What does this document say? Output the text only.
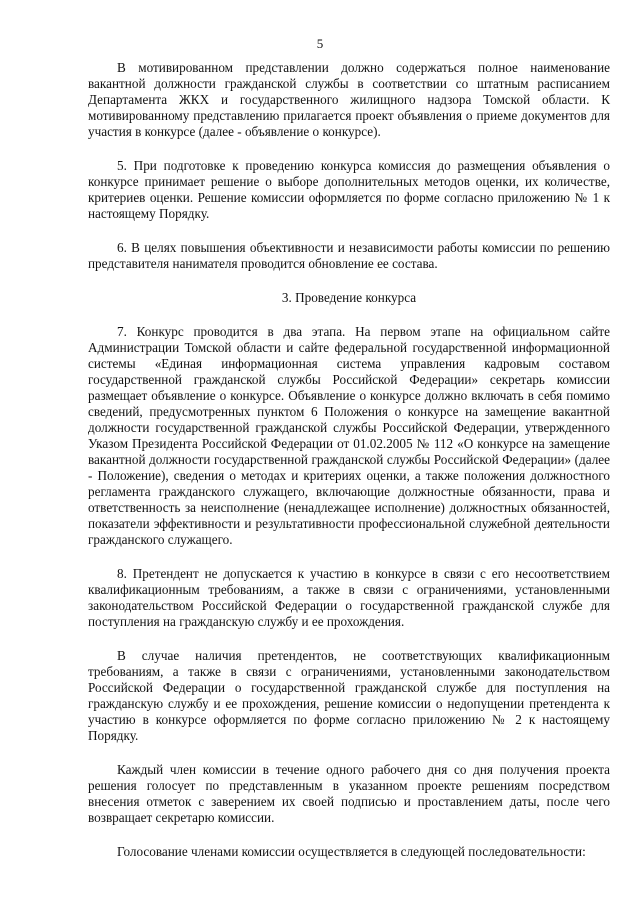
5

В мотивированном представлении должно содержаться полное наименование вакантной должности гражданской службы в соответствии со штатным расписанием Департамента ЖКХ и государственного жилищного надзора Томской области. К мотивированному представлению прилагается проект объявления о приеме документов для участия в конкурсе (далее - объявление о конкурсе).

5. При подготовке к проведению конкурса комиссия до размещения объявления о конкурсе принимает решение о выборе дополнительных методов оценки, их количестве, критериев оценки. Решение комиссии оформляется по форме согласно приложению № 1 к настоящему Порядку.

6. В целях повышения объективности и независимости работы комиссии по решению представителя нанимателя проводится обновление ее состава.

3. Проведение конкурса

7. Конкурс проводится в два этапа. На первом этапе на официальном сайте Администрации Томской области и сайте федеральной государственной информационной системы «Единая информационная система управления кадровым составом государственной гражданской службы Российской Федерации» секретарь комиссии размещает объявление о конкурсе. Объявление о конкурсе должно включать в себя помимо сведений, предусмотренных пунктом 6 Положения о конкурсе на замещение вакантной должности государственной гражданской службы Российской Федерации, утвержденного Указом Президента Российской Федерации от 01.02.2005 № 112 «О конкурсе на замещение вакантной должности государственной гражданской службы Российской Федерации» (далее - Положение), сведения о методах и критериях оценки, а также положения должностного регламента гражданского служащего, включающие должностные обязанности, права и ответственность за неисполнение (ненадлежащее исполнение) должностных обязанностей, показатели эффективности и результативности профессиональной служебной деятельности гражданского служащего.

8. Претендент не допускается к участию в конкурсе в связи с его несоответствием квалификационным требованиям, а также в связи с ограничениями, установленными законодательством Российской Федерации о государственной гражданской службе для поступления на гражданскую службу и ее прохождения.

В случае наличия претендентов, не соответствующих квалификационным требованиям, а также в связи с ограничениями, установленными законодательством Российской Федерации о государственной гражданской службе для поступления на гражданскую службу и ее прохождения, решение комиссии о недопущении претендента к участию в конкурсе оформляется по форме согласно приложению № 2 к настоящему Порядку.

Каждый член комиссии в течение одного рабочего дня со дня получения проекта решения голосует по представленным в указанном проекте решениям посредством внесения отметок с заверением их своей подписью и проставлением даты, после чего возвращает секретарю комиссии.

Голосование членами комиссии осуществляется в следующей последовательности:
